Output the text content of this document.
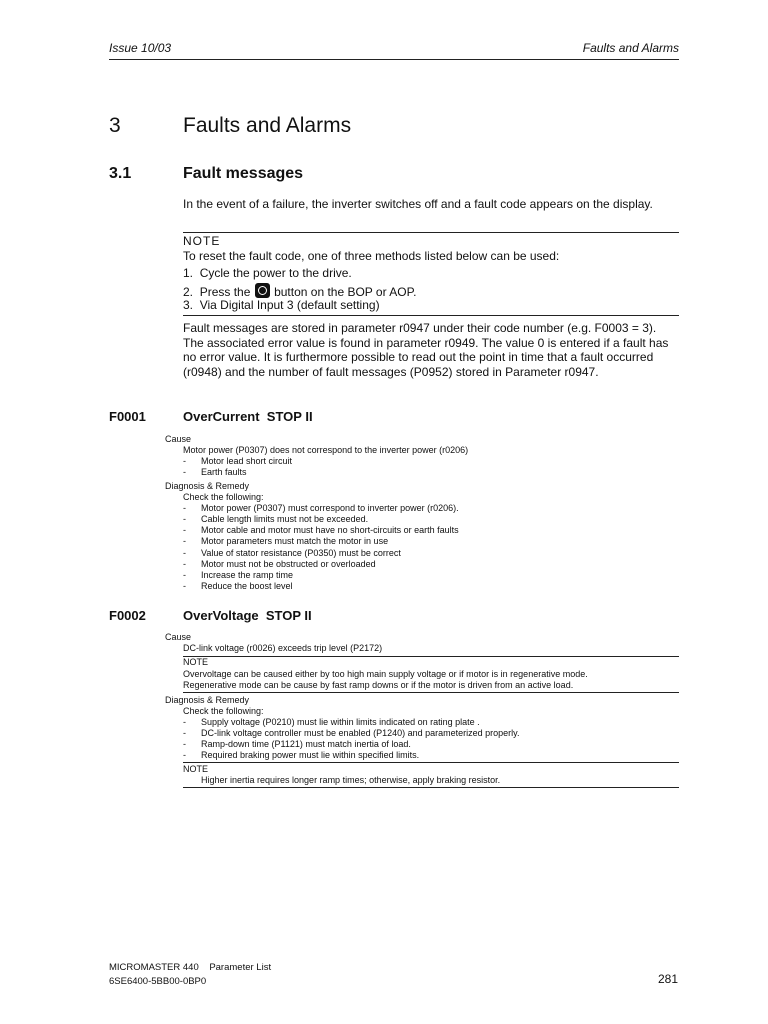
Issue 10/03	Faults and Alarms
3	Faults and Alarms
3.1	Fault messages
In the event of a failure, the inverter switches off and a fault code appears on the display.
NOTE
To reset the fault code, one of three methods listed below can be used:
1. Cycle the power to the drive.
2. Press the button on the BOP or AOP.
3. Via Digital Input 3 (default setting)
Fault messages are stored in parameter r0947 under their code number (e.g. F0003 = 3). The associated error value is found in parameter r0949. The value 0 is entered if a fault has no error value. It is furthermore possible to read out the point in time that a fault occurred (r0948) and the number of fault messages (P0952) stored in Parameter r0947.
F0001	OverCurrent  STOP II
Cause
Motor power (P0307) does not correspond to the inverter power (r0206)
- Motor lead short circuit
- Earth faults
Diagnosis & Remedy
Check the following:
- Motor power (P0307) must correspond to inverter power (r0206).
- Cable length limits must not be exceeded.
- Motor cable and motor must have no short-circuits or earth faults
- Motor parameters must match the motor in use
- Value of stator resistance (P0350) must be correct
- Motor must not be obstructed or overloaded
- Increase the ramp time
- Reduce the boost level
F0002	OverVoltage  STOP II
Cause
DC-link voltage (r0026) exceeds trip level (P2172)
NOTE
Overvoltage can be caused either by too high main supply voltage or if motor is in regenerative mode.
Regenerative mode can be cause by fast ramp downs or if the motor is driven from an active load.
Diagnosis & Remedy
Check the following:
- Supply voltage (P0210) must lie within limits indicated on rating plate .
- DC-link voltage controller must be enabled (P1240) and parameterized properly.
- Ramp-down time (P1121) must match inertia of load.
- Required braking power must lie within specified limits.
NOTE
Higher inertia requires longer ramp times; otherwise, apply braking resistor.
MICROMASTER 440 Parameter List
6SE6400-5BB00-0BP0	281
